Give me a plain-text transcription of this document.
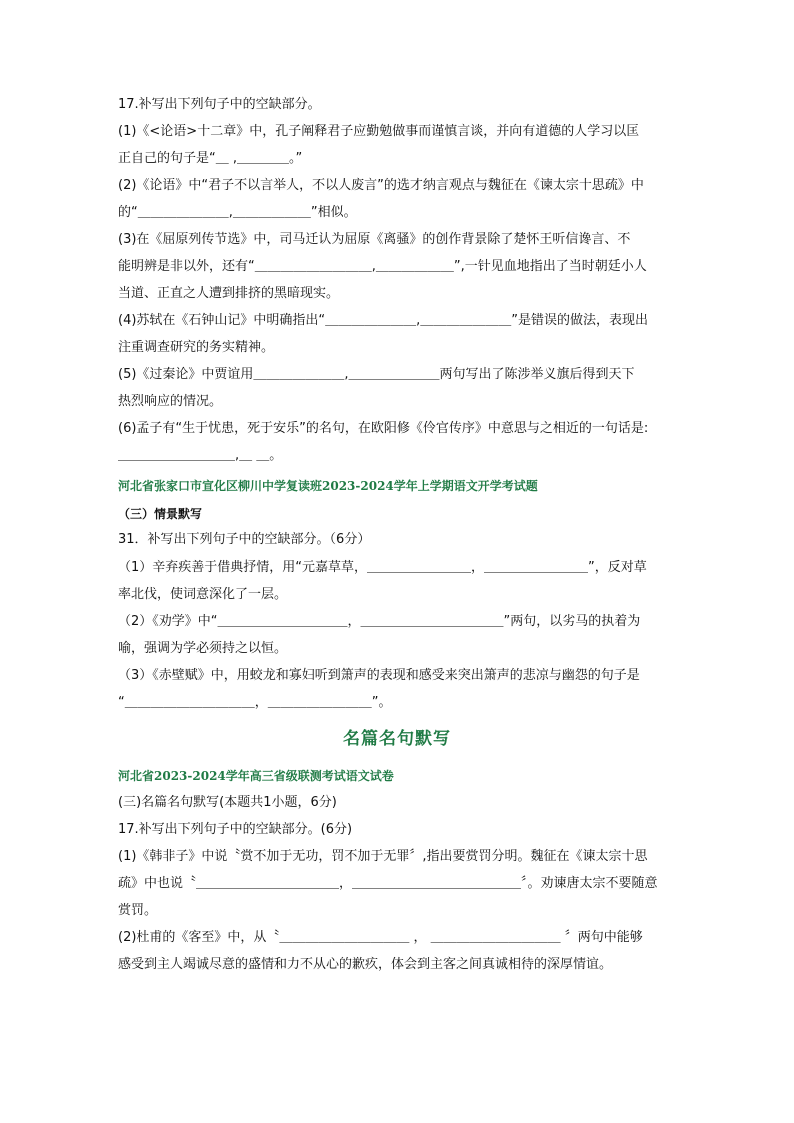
17.补写出下列句子中的空缺部分。
(1)《<论语>十二章》中，孔子阐释君子应勤勉做事而谨慎言谈，并向有道德的人学习以匡
正自己的句子是“＿ ,＿＿＿＿。”
(2)《论语》中“君子不以言举人，不以人废言”的选才纳言观点与魏征在《谏太宗十思疏》中
的“＿＿＿＿＿＿＿,＿＿＿＿＿＿”相似。
(3)在《屈原列传节选》中，司马迁认为屈原《离骚》的创作背景除了楚怀王听信谗言、不
能明辨是非以外，还有“＿＿＿＿＿＿＿＿＿,＿＿＿＿＿＿”,一针见血地指出了当时朝廷小人
当道、正直之人遭到排挤的黑暗现实。
(4)苏轼在《石钟山记》中明确指出“＿＿＿＿＿＿＿,＿＿＿＿＿＿＿”是错误的做法，表现出
注重调查研究的务实精神。
(5)《过秦论》中贾谊用＿＿＿＿＿＿＿,＿＿＿＿＿＿＿两句写出了陈涉举义旗后得到天下
热烈响应的情况。
(6)孟子有“生于忧患，死于安乐”的名句，在欧阳修《伶官传序》中意思与之相近的一句话是:
＿＿＿＿＿＿＿＿＿,＿ ＿。
河北省张家口市宣化区柳川中学复读班2023-2024学年上学期语文开学考试题
（三）情景默写
31．补写出下列句子中的空缺部分。（6分）
（1）辛弃疾善于借典抒情，用“元嘉草草，＿＿＿＿＿＿＿＿，＿＿＿＿＿＿＿＿”，反对草
率北伐，使词意深化了一层。
（2）《劝学》中“＿＿＿＿＿＿＿＿＿＿，＿＿＿＿＿＿＿＿＿＿＿”两句，以劣马的执着为
喻，强调为学必须持之以恒。
（3）《赤壁赋》中，用蛟龙和寡妇听到箫声的表现和感受来突出箫声的悲凉与幽怨的句子是
“＿＿＿＿＿＿＿＿＿＿，＿＿＿＿＿＿＿＿”。
名篇名句默写
河北省2023-2024学年高三省级联测考试语文试卷
(三)名篇名句默写(本题共1小题，6分)
17.补写出下列句子中的空缺部分。(6分)
(1)《韩非子》中说〝赏不加于无功，罚不加于无罪〞,指出要赏罚分明。魏征在《谏太宗十思
疏》中也说〝＿＿＿＿＿＿＿＿＿＿＿，＿＿＿＿＿＿＿＿＿＿＿＿＿〞。劝谏唐太宗不要随意
赏罚。
(2)杜甫的《客至》中，从〝＿＿＿＿＿＿＿＿＿＿ ， ＿＿＿＿＿＿＿＿＿＿ 〞两句中能够
感受到主人竭诚尽意的盛情和力不从心的歉疚，体会到主客之间真诚相待的深厚情谊。
